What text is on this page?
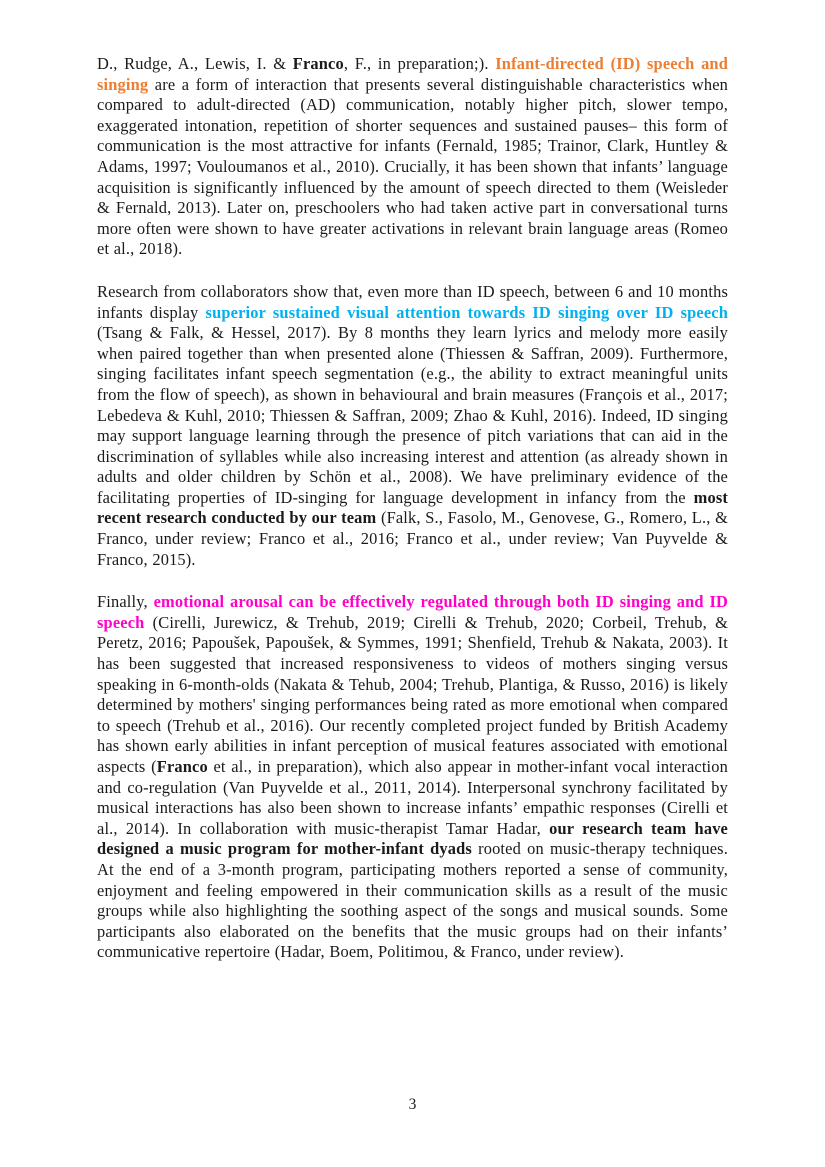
D., Rudge, A., Lewis, I. & Franco, F., in preparation;). Infant-directed (ID) speech and singing are a form of interaction that presents several distinguishable characteristics when compared to adult-directed (AD) communication, notably higher pitch, slower tempo, exaggerated intonation, repetition of shorter sequences and sustained pauses– this form of communication is the most attractive for infants (Fernald, 1985; Trainor, Clark, Huntley & Adams, 1997; Vouloumanos et al., 2010). Crucially, it has been shown that infants’ language acquisition is significantly influenced by the amount of speech directed to them (Weisleder & Fernald, 2013). Later on, preschoolers who had taken active part in conversational turns more often were shown to have greater activations in relevant brain language areas (Romeo et al., 2018).

Research from collaborators show that, even more than ID speech, between 6 and 10 months infants display superior sustained visual attention towards ID singing over ID speech (Tsang & Falk, & Hessel, 2017). By 8 months they learn lyrics and melody more easily when paired together than when presented alone (Thiessen & Saffran, 2009). Furthermore, singing facilitates infant speech segmentation (e.g., the ability to extract meaningful units from the flow of speech), as shown in behavioural and brain measures (François et al., 2017; Lebedeva & Kuhl, 2010; Thiessen & Saffran, 2009; Zhao & Kuhl, 2016). Indeed, ID singing may support language learning through the presence of pitch variations that can aid in the discrimination of syllables while also increasing interest and attention (as already shown in adults and older children by Schön et al., 2008). We have preliminary evidence of the facilitating properties of ID-singing for language development in infancy from the most recent research conducted by our team (Falk, S., Fasolo, M., Genovese, G., Romero, L., & Franco, under review; Franco et al., 2016; Franco et al., under review; Van Puyvelde & Franco, 2015).

Finally, emotional arousal can be effectively regulated through both ID singing and ID speech (Cirelli, Jurewicz, & Trehub, 2019; Cirelli & Trehub, 2020; Corbeil, Trehub, & Peretz, 2016; Papoušek, Papoušek, & Symmes, 1991; Shenfield, Trehub & Nakata, 2003). It has been suggested that increased responsiveness to videos of mothers singing versus speaking in 6-month-olds (Nakata & Tehub, 2004; Trehub, Plantiga, & Russo, 2016) is likely determined by mothers' singing performances being rated as more emotional when compared to speech (Trehub et al., 2016). Our recently completed project funded by British Academy has shown early abilities in infant perception of musical features associated with emotional aspects (Franco et al., in preparation), which also appear in mother-infant vocal interaction and co-regulation (Van Puyvelde et al., 2011, 2014). Interpersonal synchrony facilitated by musical interactions has also been shown to increase infants’ empathic responses (Cirelli et al., 2014). In collaboration with music-therapist Tamar Hadar, our research team have designed a music program for mother-infant dyads rooted on music-therapy techniques. At the end of a 3-month program, participating mothers reported a sense of community, enjoyment and feeling empowered in their communication skills as a result of the music groups while also highlighting the soothing aspect of the songs and musical sounds. Some participants also elaborated on the benefits that the music groups had on their infants’ communicative repertoire (Hadar, Boem, Politimou, & Franco, under review).

3
